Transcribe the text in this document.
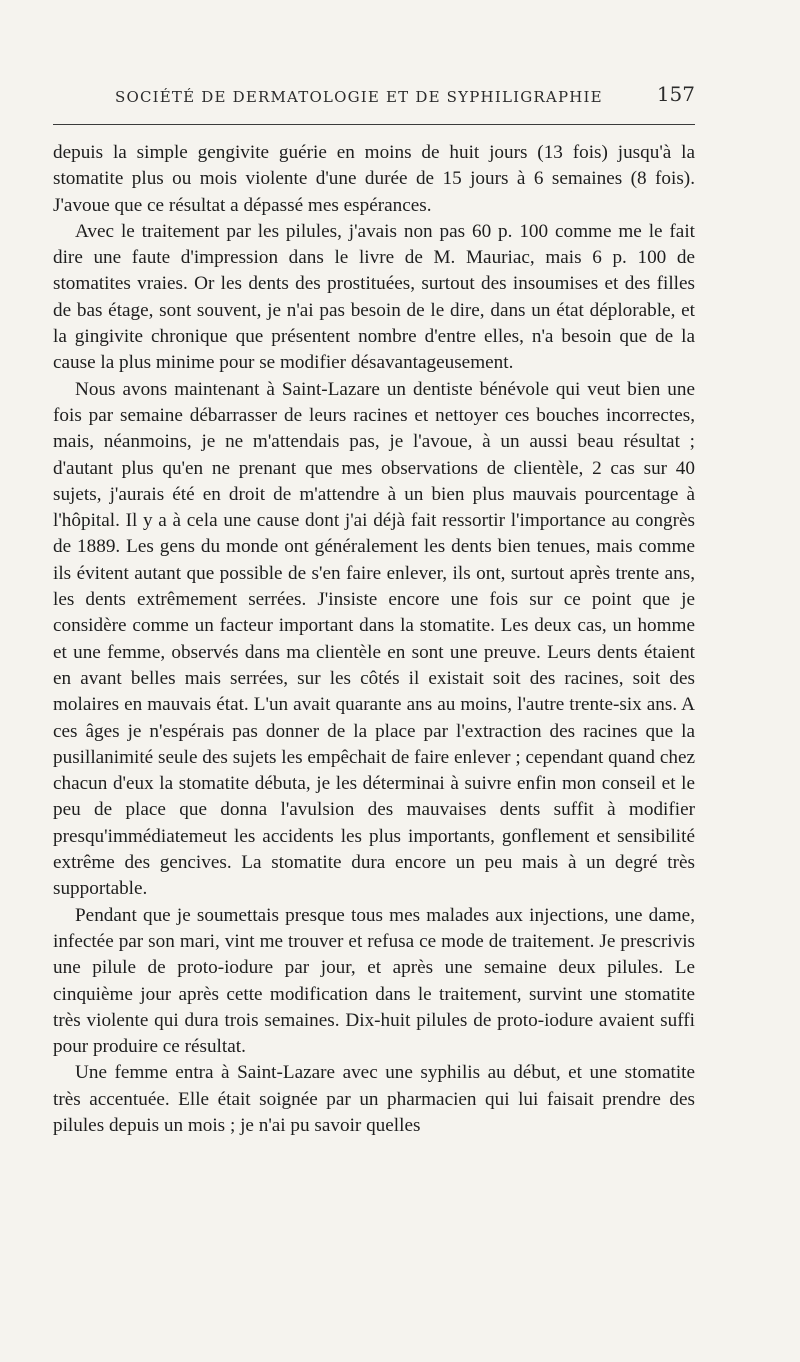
SOCIÉTÉ DE DERMATOLOGIE ET DE SYPHILIGRAPHIE	157

depuis la simple gengivite guérie en moins de huit jours (13 fois) jusqu'à la stomatite plus ou mois violente d'une durée de 15 jours à 6 semaines (8 fois). J'avoue que ce résultat a dépassé mes espérances.

Avec le traitement par les pilules, j'avais non pas 60 p. 100 comme me le fait dire une faute d'impression dans le livre de M. Mauriac, mais 6 p. 100 de stomatites vraies. Or les dents des prostituées, surtout des insoumises et des filles de bas étage, sont souvent, je n'ai pas besoin de le dire, dans un état déplorable, et la gingivite chronique que présentent nombre d'entre elles, n'a besoin que de la cause la plus minime pour se modifier désavantageusement.

Nous avons maintenant à Saint-Lazare un dentiste bénévole qui veut bien une fois par semaine débarrasser de leurs racines et nettoyer ces bouches incorrectes, mais, néanmoins, je ne m'attendais pas, je l'avoue, à un aussi beau résultat ; d'autant plus qu'en ne prenant que mes observations de clientèle, 2 cas sur 40 sujets, j'aurais été en droit de m'attendre à un bien plus mauvais pourcentage à l'hôpital. Il y a à cela une cause dont j'ai déjà fait ressortir l'importance au congrès de 1889. Les gens du monde ont généralement les dents bien tenues, mais comme ils évitent autant que possible de s'en faire enlever, ils ont, surtout après trente ans, les dents extrêmement serrées. J'insiste encore une fois sur ce point que je considère comme un facteur important dans la stomatite. Les deux cas, un homme et une femme, observés dans ma clientèle en sont une preuve. Leurs dents étaient en avant belles mais serrées, sur les côtés il existait soit des racines, soit des molaires en mauvais état. L'un avait quarante ans au moins, l'autre trente-six ans. A ces âges je n'espérais pas donner de la place par l'extraction des racines que la pusillanimité seule des sujets les empêchait de faire enlever ; cependant quand chez chacun d'eux la stomatite débuta, je les déterminai à suivre enfin mon conseil et le peu de place que donna l'avulsion des mauvaises dents suffit à modifier presqu'immédiatemeut les accidents les plus importants, gonflement et sensibilité extrême des gencives. La stomatite dura encore un peu mais à un degré très supportable.

Pendant que je soumettais presque tous mes malades aux injections, une dame, infectée par son mari, vint me trouver et refusa ce mode de traitement. Je prescrivis une pilule de proto-iodure par jour, et après une semaine deux pilules. Le cinquième jour après cette modification dans le traitement, survint une stomatite très violente qui dura trois semaines. Dix-huit pilules de proto-iodure avaient suffi pour produire ce résultat.

Une femme entra à Saint-Lazare avec une syphilis au début, et une stomatite très accentuée. Elle était soignée par un pharmacien qui lui faisait prendre des pilules depuis un mois ; je n'ai pu savoir quelles
